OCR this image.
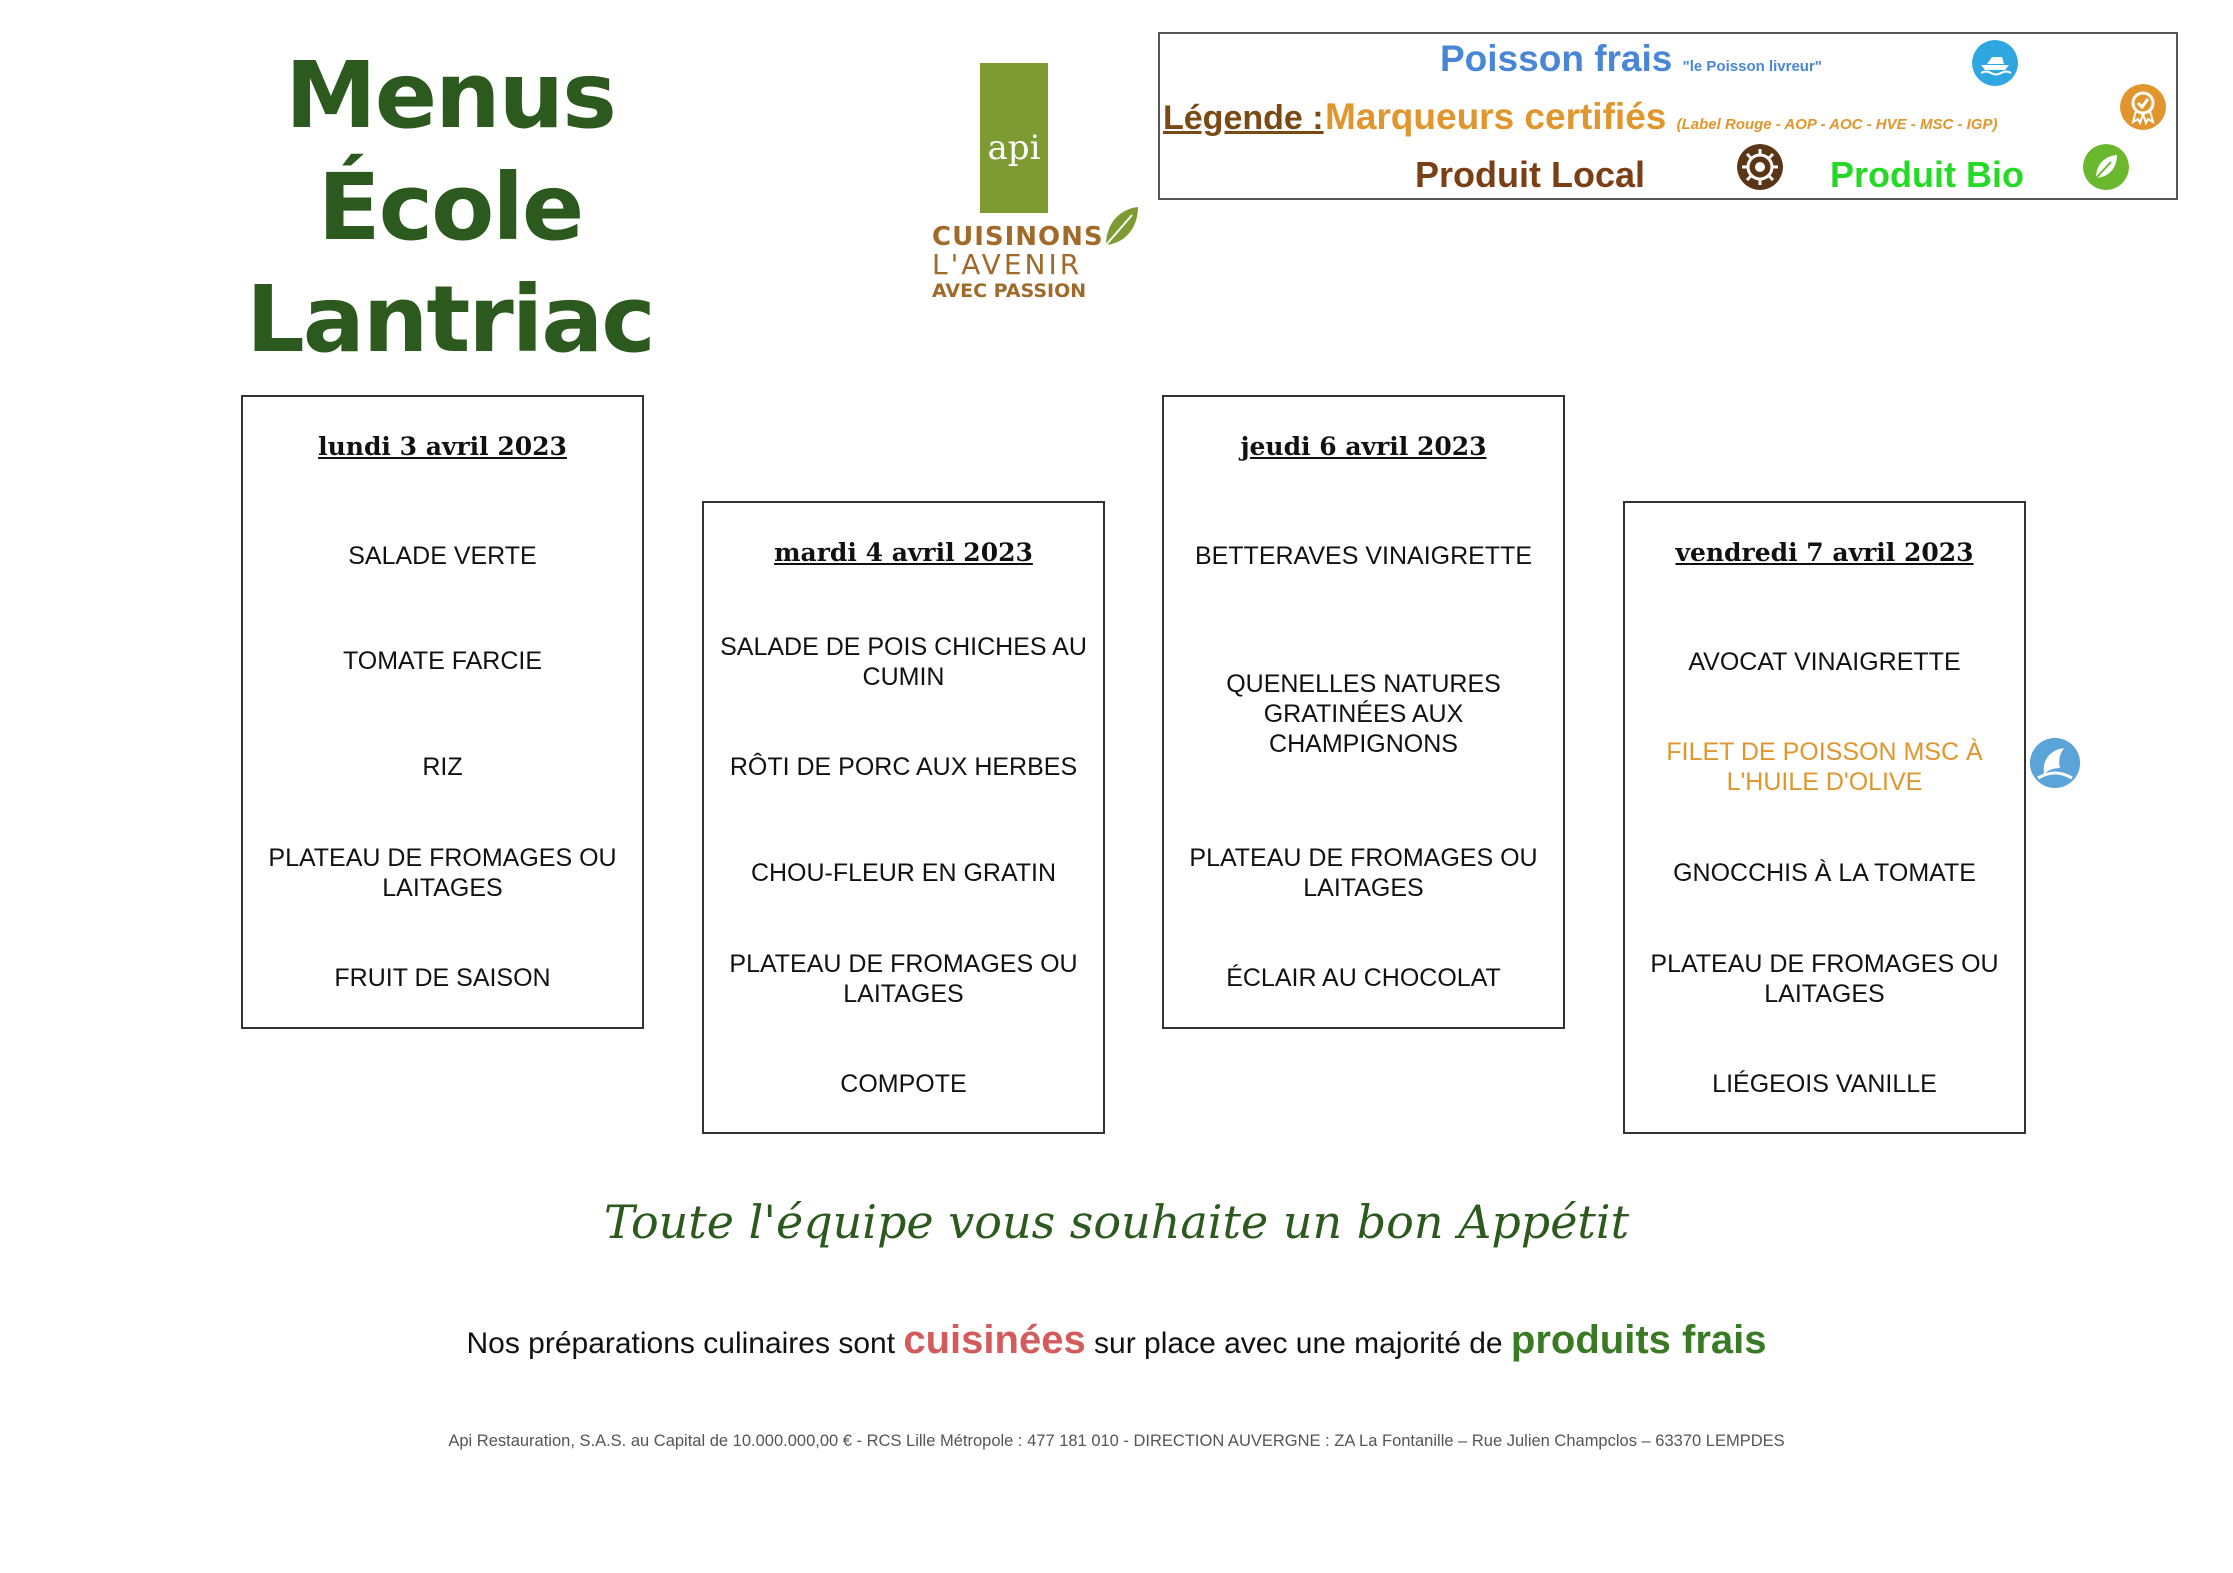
Menus École
Lantriac
api
CUISINONS
L'AVENIR
AVEC PASSION
Marqueurs certifiés (Label Rouge - AOP - AOC - HVE - MSC - IGP)
Légende :
Poisson frais "le Poisson livreur"
Produit Local	Produit Bio
lundi 3 avril 2023
SALADE VERTE
TOMATE FARCIE
RIZ
PLATEAU DE FROMAGES OU LAITAGES
FRUIT DE SAISON
mardi 4 avril 2023
SALADE DE POIS CHICHES AU CUMIN
RÔTI DE PORC AUX HERBES
CHOU-FLEUR EN GRATIN
PLATEAU DE FROMAGES OU LAITAGES
COMPOTE
jeudi 6 avril 2023
BETTERAVES VINAIGRETTE
QUENELLES NATURES GRATINÉES AUX CHAMPIGNONS
PLATEAU DE FROMAGES OU LAITAGES
ÉCLAIR AU CHOCOLAT
vendredi 7 avril 2023
AVOCAT VINAIGRETTE
FILET DE POISSON MSC À L'HUILE D'OLIVE
GNOCCHIS À LA TOMATE
PLATEAU DE FROMAGES OU LAITAGES
LIÉGEOIS VANILLE
Toute l'équipe vous souhaite un bon Appétit
Nos préparations culinaires sont cuisinées sur place avec une majorité de produits frais
Api Restauration, S.A.S. au Capital de 10.000.000,00 € - RCS Lille Métropole : 477 181 010 - DIRECTION AUVERGNE : ZA La Fontanille – Rue Julien Champclos – 63370 LEMPDES
